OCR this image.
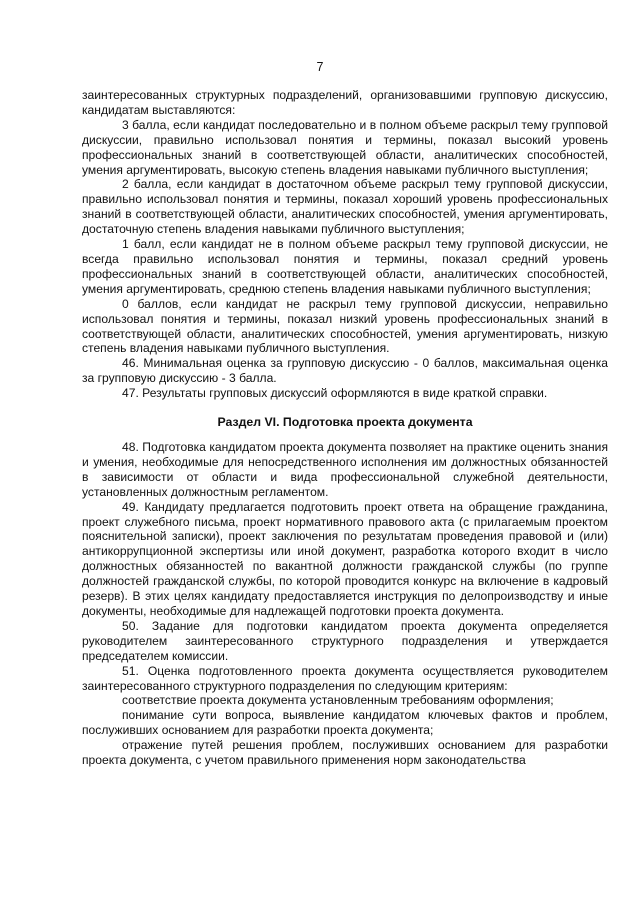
7

заинтересованных структурных подразделений, организовавшими групповую дискуссию, кандидатам выставляются:

3 балла, если кандидат последовательно и в полном объеме раскрыл тему групповой дискуссии, правильно использовал понятия и термины, показал высокий уровень профессиональных знаний в соответствующей области, аналитических способностей, умения аргументировать, высокую степень владения навыками публичного выступления;

2 балла, если кандидат в достаточном объеме раскрыл тему групповой дискуссии, правильно использовал понятия и термины, показал хороший уровень профессиональных знаний в соответствующей области, аналитических способностей, умения аргументировать, достаточную степень владения навыками публичного выступления;

1 балл, если кандидат не в полном объеме раскрыл тему групповой дискуссии, не всегда правильно использовал понятия и термины, показал средний уровень профессиональных знаний в соответствующей области, аналитических способностей, умения аргументировать, среднюю степень владения навыками публичного выступления;

0 баллов, если кандидат не раскрыл тему групповой дискуссии, неправильно использовал понятия и термины, показал низкий уровень профессиональных знаний в соответствующей области, аналитических способностей, умения аргументировать, низкую степень владения навыками публичного выступления.

46. Минимальная оценка за групповую дискуссию - 0 баллов, максимальная оценка за групповую дискуссию - 3 балла.

47. Результаты групповых дискуссий оформляются в виде краткой справки.

Раздел VI. Подготовка проекта документа

48. Подготовка кандидатом проекта документа позволяет на практике оценить знания и умения, необходимые для непосредственного исполнения им должностных обязанностей в зависимости от области и вида профессиональной служебной деятельности, установленных должностным регламентом.

49. Кандидату предлагается подготовить проект ответа на обращение гражданина, проект служебного письма, проект нормативного правового акта (с прилагаемым проектом пояснительной записки), проект заключения по результатам проведения правовой и (или) антикоррупционной экспертизы или иной документ, разработка которого входит в число должностных обязанностей по вакантной должности гражданской службы (по группе должностей гражданской службы, по которой проводится конкурс на включение в кадровый резерв). В этих целях кандидату предоставляется инструкция по делопроизводству и иные документы, необходимые для надлежащей подготовки проекта документа.

50. Задание для подготовки кандидатом проекта документа определяется руководителем заинтересованного структурного подразделения и утверждается председателем комиссии.

51. Оценка подготовленного проекта документа осуществляется руководителем заинтересованного структурного подразделения по следующим критериям:

соответствие проекта документа установленным требованиям оформления;

понимание сути вопроса, выявление кандидатом ключевых фактов и проблем, послуживших основанием для разработки проекта документа;

отражение путей решения проблем, послуживших основанием для разработки проекта документа, с учетом правильного применения норм законодательства
